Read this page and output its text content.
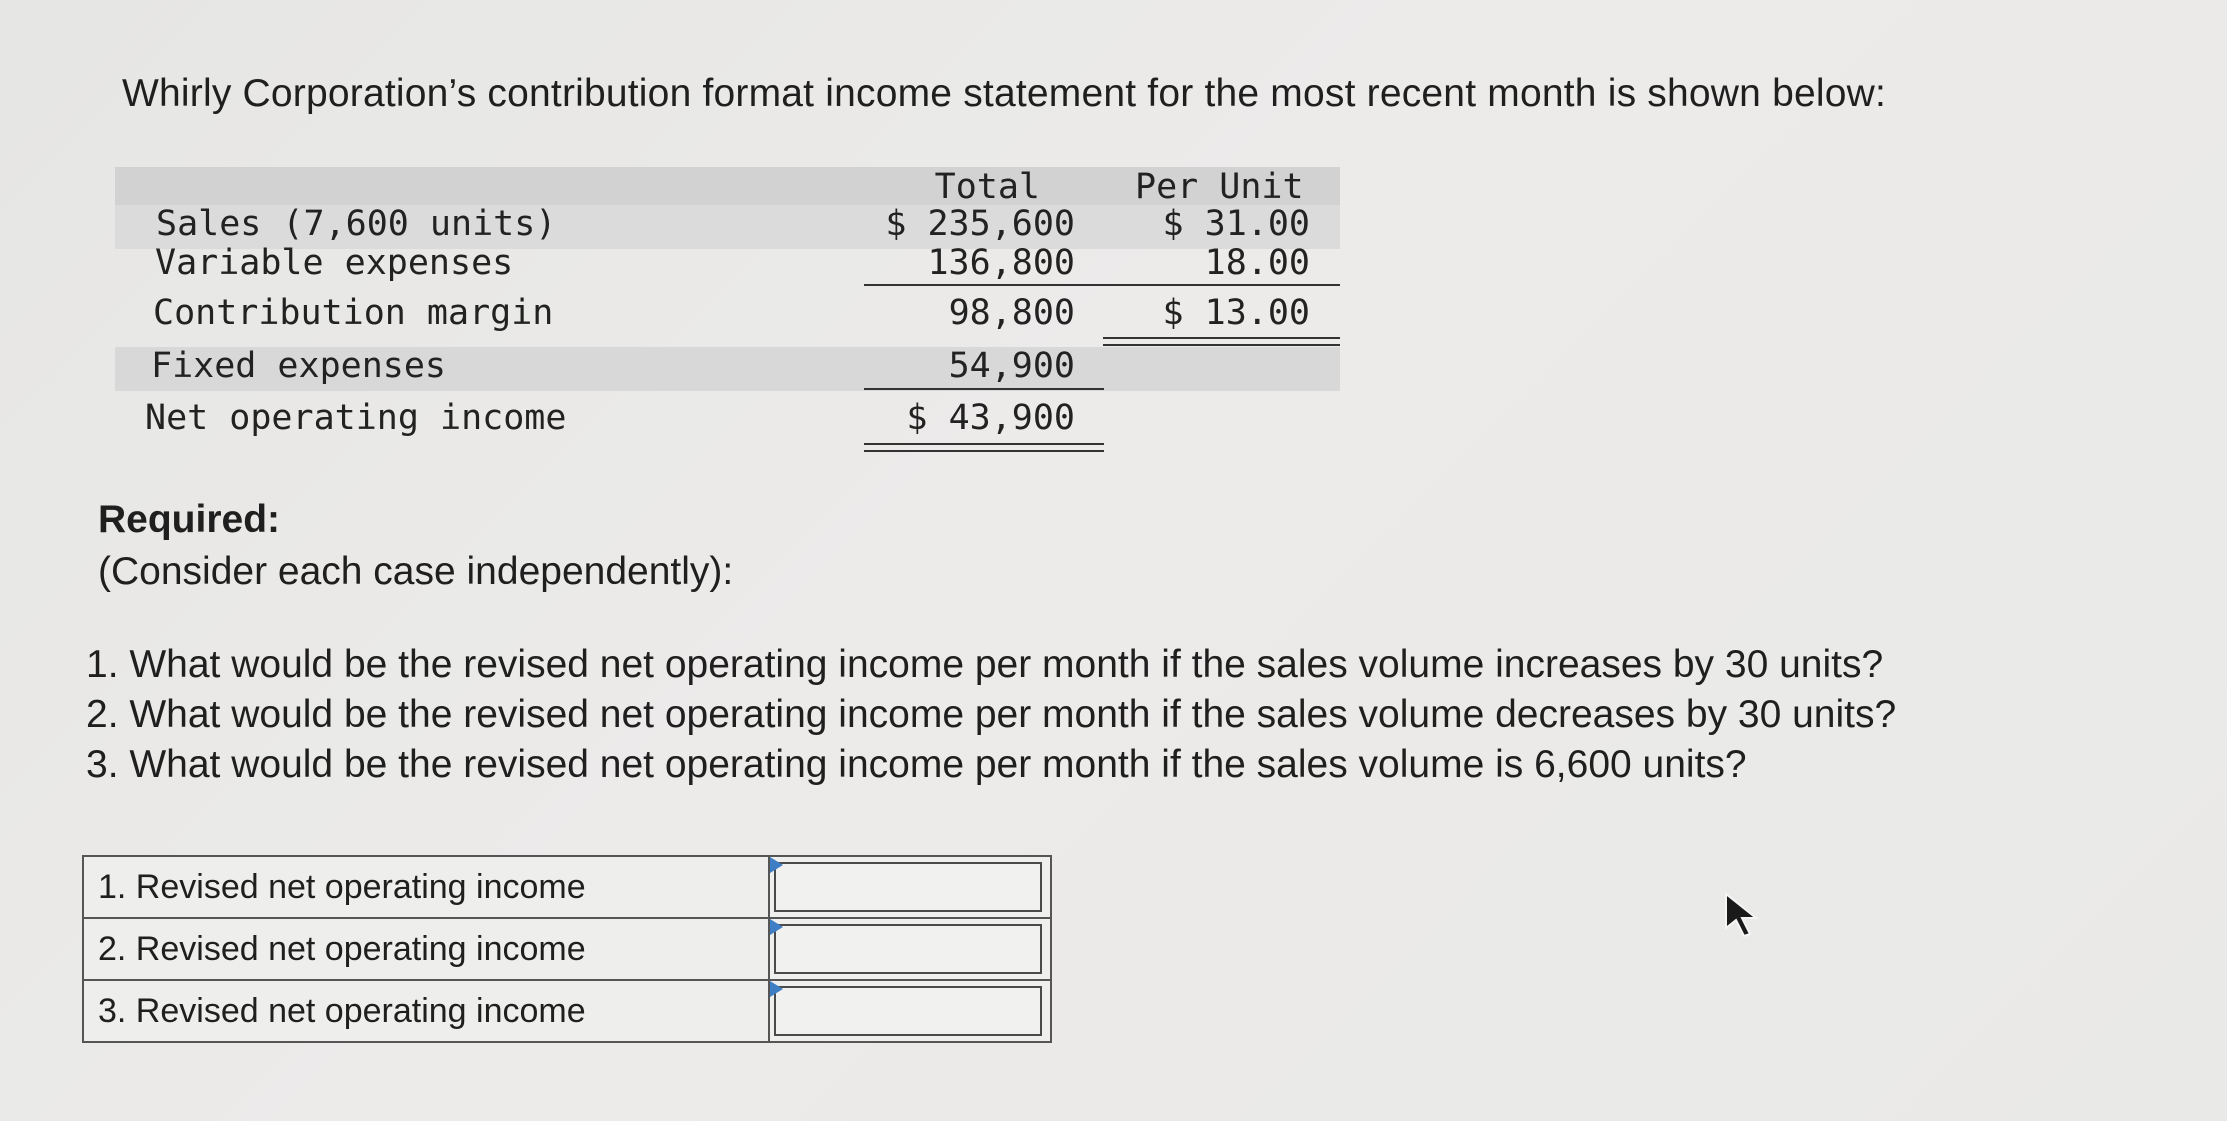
Whirly Corporation’s contribution format income statement for the most recent month is shown below:
Total	Per Unit
Sales (7,600 units)	$ 235,600	$ 31.00
Variable expenses	136,800	18.00
Contribution margin	98,800	$ 13.00
Fixed expenses	54,900
Net operating income	$ 43,900
Required:
(Consider each case independently):
1. What would be the revised net operating income per month if the sales volume increases by 30 units?
2. What would be the revised net operating income per month if the sales volume decreases by 30 units?
3. What would be the revised net operating income per month if the sales volume is 6,600 units?
1. Revised net operating income	

2. Revised net operating income	

3. Revised net operating income	
